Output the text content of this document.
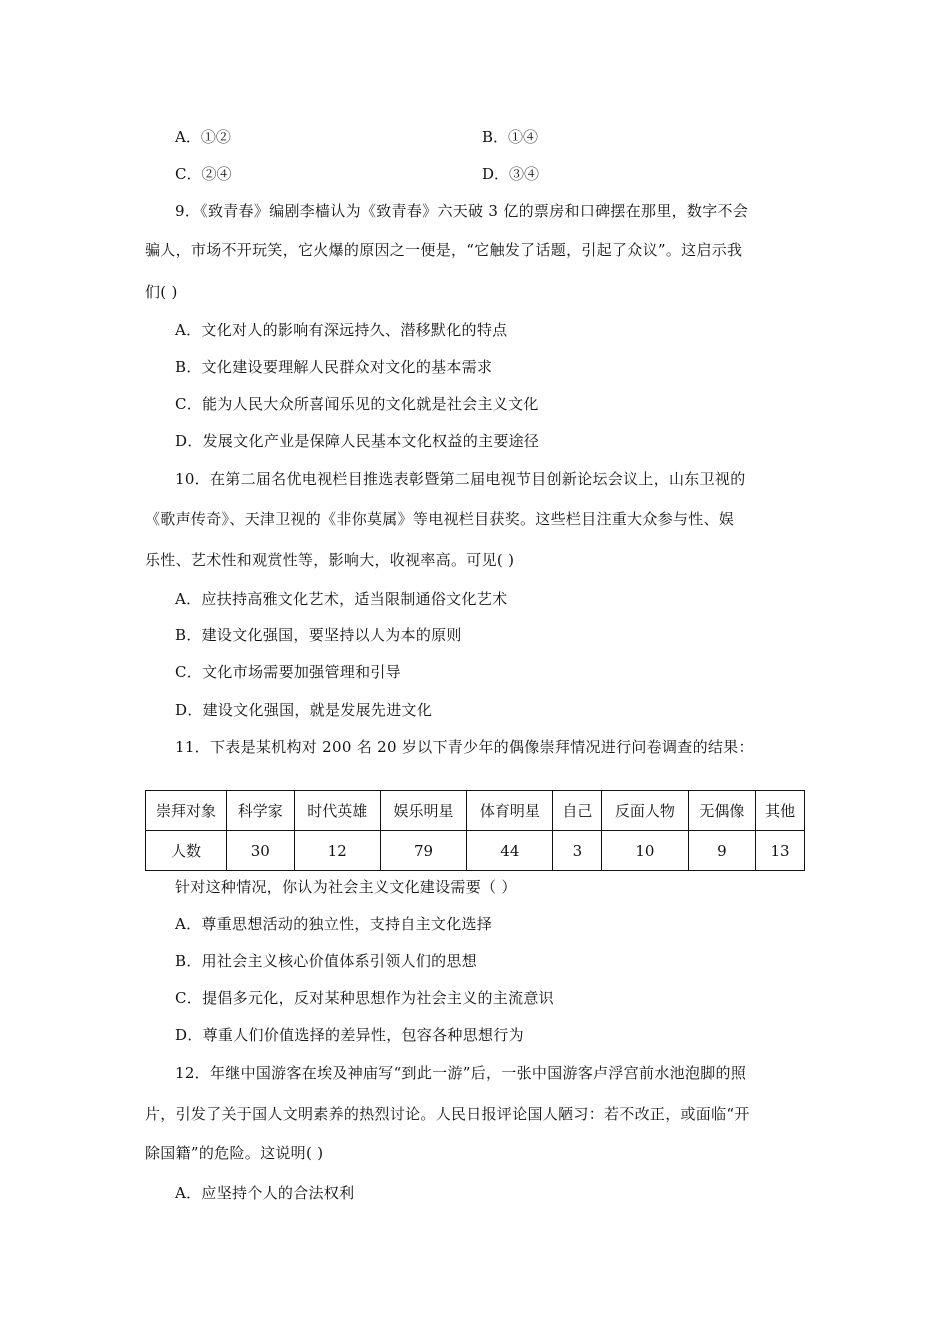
A．①②	B．①④
C．②④	D．③④
9．《致青春》编剧李樯认为《致青春》六天破 3 亿的票房和口碑摆在那里，数字不会
骗人，市场不开玩笑，它火爆的原因之一便是，“它触发了话题，引起了众议”。这启示我
们( )
A．文化对人的影响有深远持久、潜移默化的特点
B．文化建设要理解人民群众对文化的基本需求
C．能为人民大众所喜闻乐见的文化就是社会主义文化
D．发展文化产业是保障人民基本文化权益的主要途径
10．在第二届名优电视栏目推选表彰暨第二届电视节目创新论坛会议上，山东卫视的
《歌声传奇》、天津卫视的《非你莫属》等电视栏目获奖。这些栏目注重大众参与性、娱
乐性、艺术性和观赏性等，影响大，收视率高。可见( )
A．应扶持高雅文化艺术，适当限制通俗文化艺术
B．建设文化强国，要坚持以人为本的原则
C．文化市场需要加强管理和引导
D．建设文化强国，就是发展先进文化
11．下表是某机构对 200 名 20 岁以下青少年的偶像崇拜情况进行问卷调查的结果：
崇拜对象	科学家	时代英雄	娱乐明星	体育明星	自己	反面人物	无偶像	其他
人数	30	12	79	44	3	10	9	13
针对这种情况，你认为社会主义文化建设需要（ ）
A．尊重思想活动的独立性，支持自主文化选择
B．用社会主义核心价值体系引领人们的思想
C．提倡多元化，反对某种思想作为社会主义的主流意识
D．尊重人们价值选择的差异性，包容各种思想行为
12．年继中国游客在埃及神庙写“到此一游”后，一张中国游客卢浮宫前水池泡脚的照
片，引发了关于国人文明素养的热烈讨论。人民日报评论国人陋习：若不改正，或面临“开
除国籍”的危险。这说明( )
A．应坚持个人的合法权利
